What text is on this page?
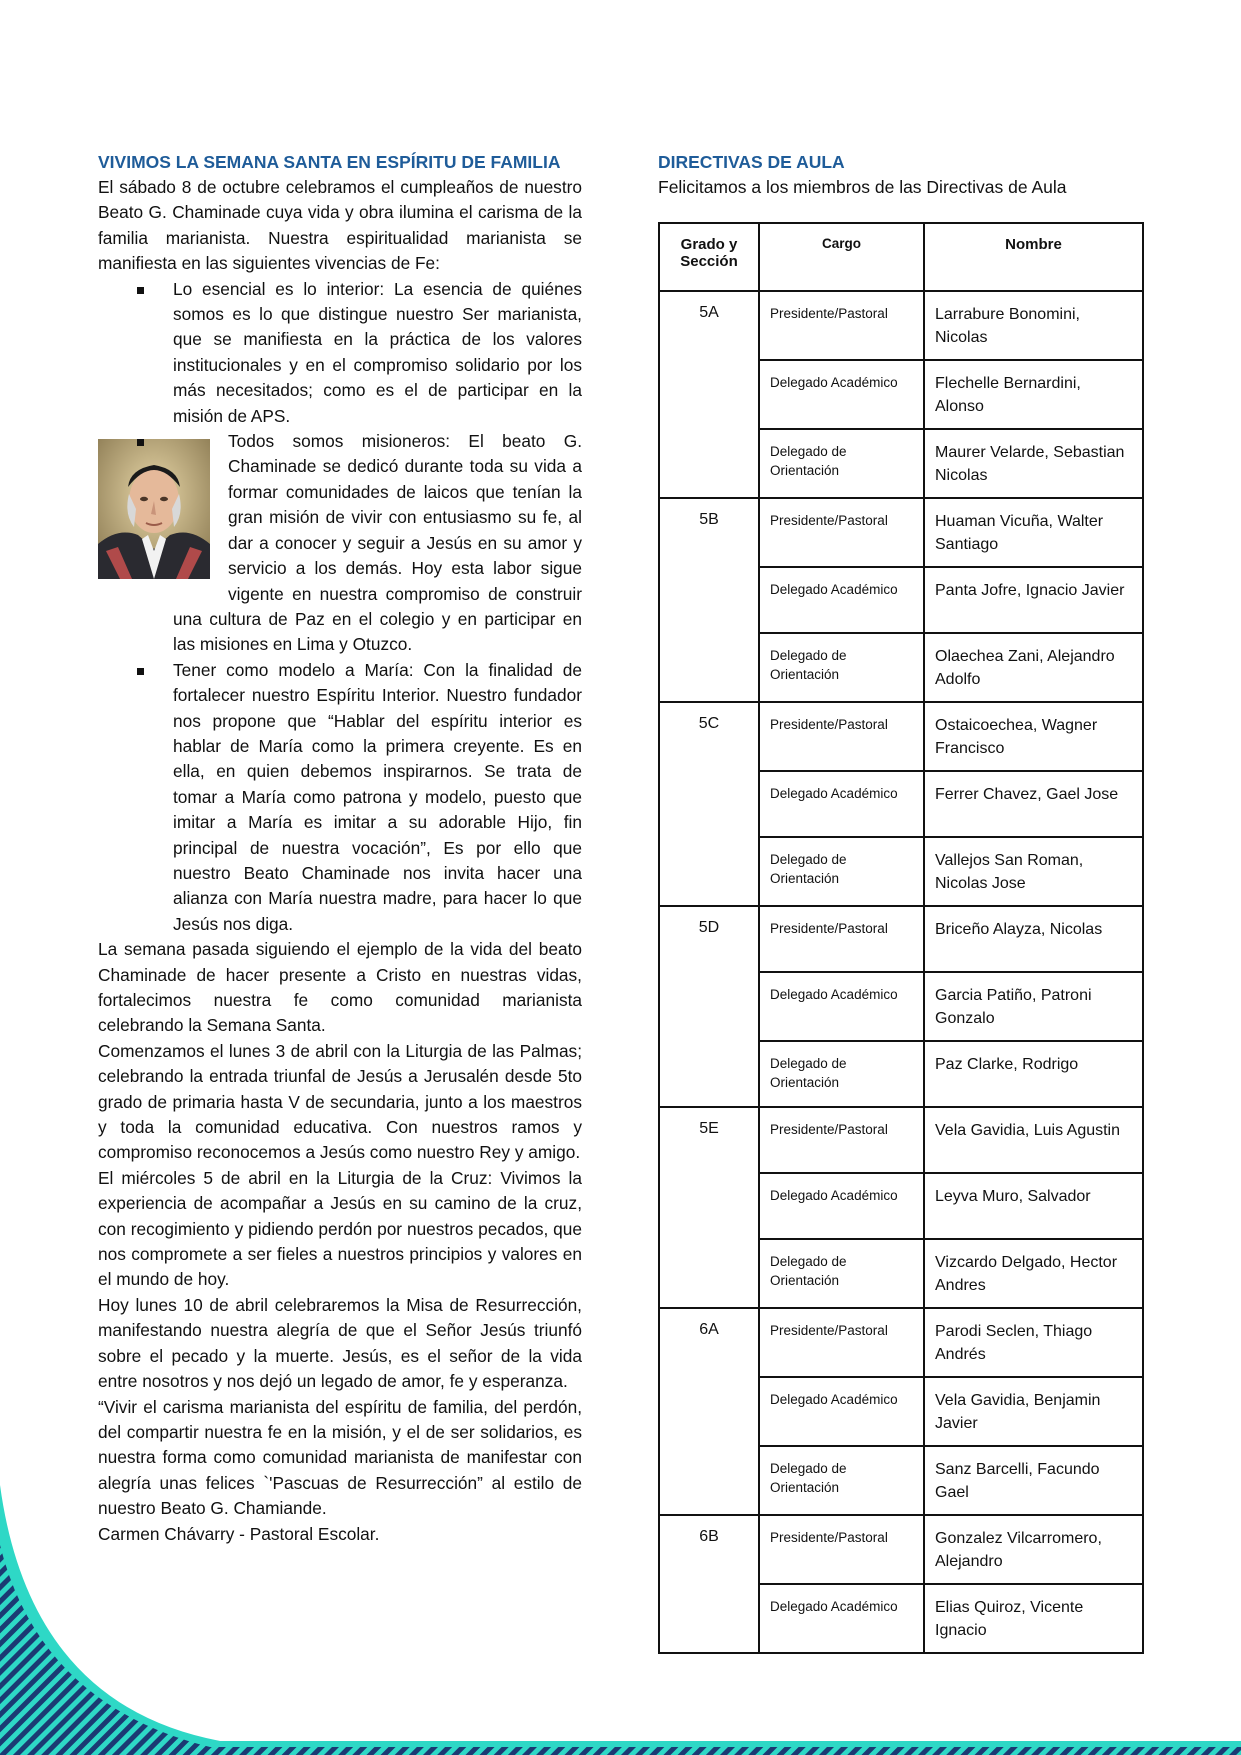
VIVIMOS LA SEMANA SANTA EN ESPÍRITU DE FAMILIA

El sábado 8 de octubre celebramos el cumpleaños de nuestro Beato G. Chaminade cuya vida y obra ilumina el carisma de la familia marianista. Nuestra espiritualidad marianista se manifiesta en las siguientes vivencias de Fe:

Lo esencial es lo interior: La esencia de quiénes somos es lo que distingue nuestro Ser marianista, que se manifiesta en la práctica de los valores institucionales y en el compromiso solidario por los más necesitados; como es el de participar en la misión de APS.
Todos somos misioneros: El beato G. Chaminade se dedicó durante toda su vida a formar comunidades de laicos que tenían la gran misión de vivir con entusiasmo su fe, al dar a conocer y seguir a Jesús en su amor y servicio a los demás. Hoy esta labor sigue vigente en nuestra compromiso de construir una cultura de Paz en el colegio y en participar en las misiones en Lima y Otuzco.
Tener como modelo a María: Con la finalidad de fortalecer nuestro Espíritu Interior. Nuestro fundador nos propone que “Hablar del espíritu interior es hablar de María como la primera creyente. Es en ella, en quien debemos inspirarnos. Se trata de tomar a María como patrona y modelo, puesto que imitar a María es imitar a su adorable Hijo, fin principal de nuestra vocación”, Es por ello que nuestro Beato Chaminade nos invita hacer una alianza con María nuestra madre, para hacer lo que Jesús nos diga.

La semana pasada siguiendo el ejemplo de la vida del beato Chaminade de hacer presente a Cristo en nuestras vidas, fortalecimos nuestra fe como comunidad marianista celebrando la Semana Santa.

Comenzamos el lunes 3 de abril con la Liturgia de las Palmas; celebrando la entrada triunfal de Jesús a Jerusalén desde 5to grado de primaria hasta V de secundaria, junto a los maestros y toda la comunidad educativa. Con nuestros ramos y compromiso reconocemos a Jesús como nuestro Rey y amigo.

El miércoles 5 de abril en la Liturgia de la Cruz: Vivimos la experiencia de acompañar a Jesús en su camino de la cruz, con recogimiento y pidiendo perdón por nuestros pecados, que nos compromete a ser fieles a nuestros principios y valores en el mundo de hoy.

Hoy lunes 10 de abril celebraremos la Misa de Resurrección, manifestando nuestra alegría de que el Señor Jesús triunfó sobre el pecado y la muerte. Jesús, es el señor de la vida entre nosotros y nos dejó un legado de amor, fe y esperanza.

“Vivir el carisma marianista del espíritu de familia, del perdón, del compartir nuestra fe en la misión, y el de ser solidarios, es nuestra forma como comunidad marianista de manifestar con alegría unas felices `'Pascuas de Resurrección” al estilo de nuestro Beato G. Chamiande.

Carmen Chávarry - Pastoral Escolar.

DIRECTIVAS DE AULA
Felicitamos a los miembros de las Directivas de Aula
Grado y Sección	Cargo	Nombre
5A	Presidente/Pastoral	Larrabure Bonomini, Nicolas
	Delegado Académico	Flechelle Bernardini, Alonso
	Delegado de Orientación	Maurer Velarde, Sebastian Nicolas
5B	Presidente/Pastoral	Huaman Vicuña, Walter Santiago
	Delegado Académico	Panta Jofre, Ignacio Javier
	Delegado de Orientación	Olaechea Zani, Alejandro Adolfo
5C	Presidente/Pastoral	Ostaicoechea, Wagner Francisco
	Delegado Académico	Ferrer Chavez, Gael Jose
	Delegado de Orientación	Vallejos San Roman, Nicolas Jose
5D	Presidente/Pastoral	Briceño Alayza, Nicolas
	Delegado Académico	Garcia Patiño, Patroni Gonzalo
	Delegado de Orientación	Paz Clarke, Rodrigo
5E	Presidente/Pastoral	Vela Gavidia, Luis Agustin
	Delegado Académico	Leyva Muro, Salvador
	Delegado de Orientación	Vizcardo Delgado, Hector Andres
6A	Presidente/Pastoral	Parodi Seclen, Thiago Andrés
	Delegado Académico	Vela Gavidia, Benjamin Javier
	Delegado de Orientación	Sanz Barcelli, Facundo Gael
6B	Presidente/Pastoral	Gonzalez Vilcarromero, Alejandro
	Delegado Académico	Elias Quiroz, Vicente Ignacio
